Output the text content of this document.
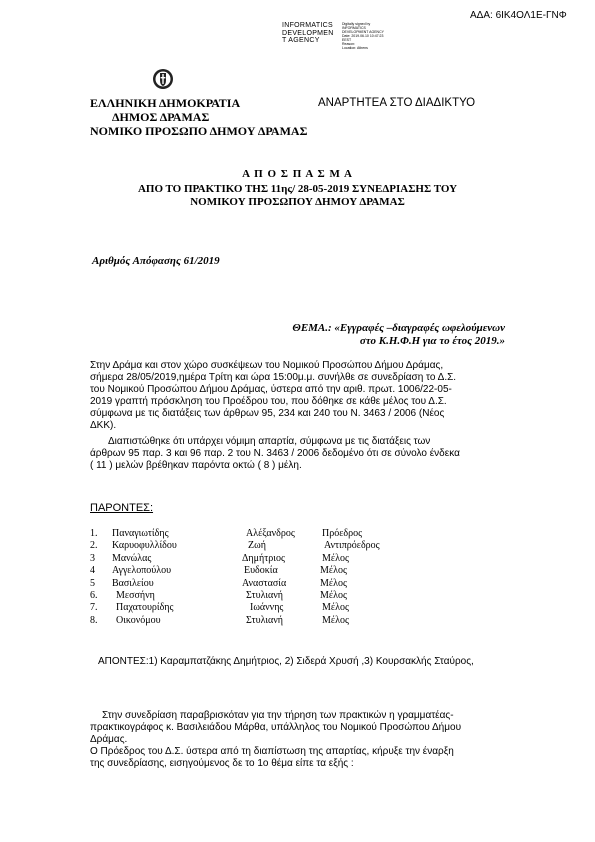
ΑΔΑ: 6ΙΚ4ΟΛ1Ε-ΓΝΦ
INFORMATICS
DEVELOPMEN
T AGENCY
Digitally signed by
INFORMATICS
DEVELOPMENT AGENCY
Date: 2019.06.10 10:47:23
EEST
Reason:
Location: Athens
ΕΛΛΗΝΙΚΗ ΔΗΜΟΚΡΑΤΙΑ	ΑΝΑΡΤΗΤΕΑ ΣΤΟ ΔΙΑΔΙΚΤΥΟ
ΔΗΜΟΣ ΔΡΑΜΑΣ
ΝΟΜΙΚΟ ΠΡΟΣΩΠΟ ΔΗΜΟΥ ΔΡΑΜΑΣ
Α Π Ο Σ Π Α Σ Μ Α
ΑΠΟ ΤΟ ΠΡΑΚΤΙΚΟ ΤΗΣ 11ης/ 28-05-2019 ΣΥΝΕΔΡΙΑΣΗΣ ΤΟΥ
ΝΟΜΙΚΟΥ ΠΡΟΣΩΠΟΥ ΔΗΜΟΥ ΔΡΑΜΑΣ
Αριθμός Απόφασης 61/2019
ΘΕΜΑ.: «Εγγραφές –διαγραφές ωφελούμενων
στο Κ.Η.Φ.Η για το έτος 2019.»
Στην Δράμα και στον χώρο συσκέψεων του Νομικού Προσώπου Δήμου Δράμας,
σήμερα 28/05/2019,ημέρα Τρίτη και ώρα 15:00μ.μ. συνήλθε σε συνεδρίαση το Δ.Σ.
του Νομικού Προσώπου Δήμου Δράμας, ύστερα από την αριθ. πρωτ. 1006/22-05-
2019 γραπτή πρόσκληση του Προέδρου του, που δόθηκε σε κάθε μέλος του Δ.Σ.
σύμφωνα με τις διατάξεις των άρθρων 95, 234 και 240 του Ν. 3463 / 2006 (Νέος
ΔΚΚ).
Διαπιστώθηκε ότι υπάρχει νόμιμη απαρτία, σύμφωνα με τις διατάξεις των
άρθρων 95 παρ. 3 και 96 παρ. 2 του Ν. 3463 / 2006 δεδομένο ότι σε σύνολο ένδεκα
( 11 ) μελών βρέθηκαν παρόντα οκτώ ( 8 ) μέλη.
ΠΑΡΟΝΤΕΣ:
1. Παναγιωτίδης	Αλέξανδρος	Πρόεδρος
2. Καρυοφυλλίδου	Ζωή	Αντιπρόεδρος
3 Μανώλας	Δημήτριος	Μέλος
4 Αγγελοπούλου	Ευδοκία	Μέλος
5 Βασιλείου	Αναστασία	Μέλος
6. Μεσσήνη	Στυλιανή	Μέλος
7. Παχατουρίδης	Ιωάννης	Μέλος
8. Οικονόμου	Στυλιανή	Μέλος
ΑΠΟΝΤΕΣ:1) Καραμπατζάκης Δημήτριος, 2) Σιδερά Χρυσή ,3) Κουρσακλής Σταύρος,
Στην συνεδρίαση παραβρισκόταν για την τήρηση των πρακτικών η γραμματέας-
πρακτικογράφος κ. Βασιλειάδου Μάρθα, υπάλληλος του Νομικού Προσώπου Δήμου
Δράμας.
Ο Πρόεδρος του Δ.Σ. ύστερα από τη διαπίστωση της απαρτίας, κήρυξε την έναρξη
της συνεδρίασης, εισηγούμενος δε το 1ο θέμα είπε τα εξής :
